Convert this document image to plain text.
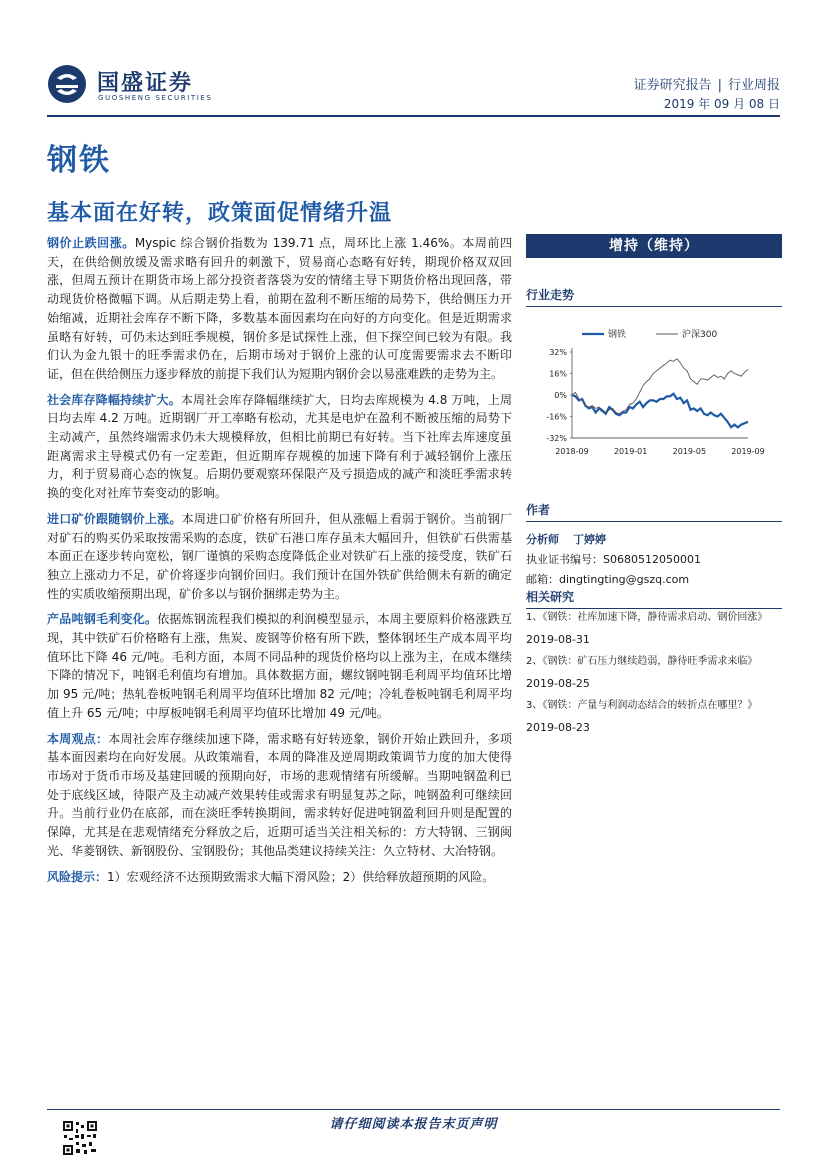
国盛证券
GUOSHENG SECURITIES
证券研究报告 | 行业周报
2019 年 09 月 08 日
钢铁
基本面在好转，政策面促情绪升温

钢价止跌回涨。Myspic 综合钢价指数为 139.71 点，周环比上涨 1.46%。本周前四天，在供给侧放缓及需求略有回升的刺激下，贸易商心态略有好转，期现价格双双回涨，但周五预计在期货市场上部分投资者落袋为安的情绪主导下期货价格出现回落，带动现货价格微幅下调。从后期走势上看，前期在盈利不断压缩的局势下，供给侧压力开始缩减，近期社会库存不断下降，多数基本面因素均在向好的方向变化。但是近期需求虽略有好转，可仍未达到旺季规模，钢价多是试探性上涨，但下探空间已较为有限。我们认为金九银十的旺季需求仍在，后期市场对于钢价上涨的认可度需要需求去不断印证，但在供给侧压力逐步释放的前提下我们认为短期内钢价会以易涨难跌的走势为主。

社会库存降幅持续扩大。本周社会库存降幅继续扩大，日均去库规模为 4.8 万吨，上周日均去库 4.2 万吨。近期钢厂开工率略有松动，尤其是电炉在盈利不断被压缩的局势下主动减产，虽然终端需求仍未大规模释放，但相比前期已有好转。当下社库去库速度虽距离需求主导模式仍有一定差距，但近期库存规模的加速下降有利于减轻钢价上涨压力，利于贸易商心态的恢复。后期仍要观察环保限产及亏损造成的减产和淡旺季需求转换的变化对社库节奏变动的影响。

进口矿价跟随钢价上涨。本周进口矿价格有所回升，但从涨幅上看弱于钢价。当前钢厂对矿石的购买仍采取按需采购的态度，铁矿石港口库存虽未大幅回升，但铁矿石供需基本面正在逐步转向宽松，钢厂谨慎的采购态度降低企业对铁矿石上涨的接受度，铁矿石独立上涨动力不足，矿价将逐步向钢价回归。我们预计在国外铁矿供给侧未有新的确定性的实质收缩预期出现，矿价多以与钢价捆绑走势为主。

产品吨钢毛利变化。依据炼钢流程我们模拟的利润模型显示，本周主要原料价格涨跌互现，其中铁矿石价格略有上涨，焦炭、废钢等价格有所下跌，整体钢坯生产成本周平均值环比下降 46 元/吨。毛利方面，本周不同品种的现货价格均以上涨为主，在成本继续下降的情况下，吨钢毛利值均有增加。具体数据方面，螺纹钢吨钢毛利周平均值环比增加 95 元/吨；热轧卷板吨钢毛利周平均值环比增加 82 元/吨；冷轧卷板吨钢毛利周平均值上升 65 元/吨；中厚板吨钢毛利周平均值环比增加 49 元/吨。

本周观点：本周社会库存继续加速下降，需求略有好转迹象，钢价开始止跌回升，多项基本面因素均在向好发展。从政策端看，本周的降准及逆周期政策调节力度的加大使得市场对于货币市场及基建回暖的预期向好，市场的悲观情绪有所缓解。当期吨钢盈利已处于底线区域，待限产及主动减产效果转佳或需求有明显复苏之际，吨钢盈利可继续回升。当前行业仍在底部，而在淡旺季转换期间，需求转好促进吨钢盈利回升则是配置的保障，尤其是在悲观情绪充分释放之后，近期可适当关注相关标的：方大特钢、三钢闽光、华菱钢铁、新钢股份、宝钢股份；其他品类建议持续关注：久立特材、大冶特钢。

风险提示：1）宏观经济不达预期致需求大幅下滑风险；2）供给释放超预期的风险。

增持（维持）
行业走势
32%
16%
0%
-16%
-32%
2018-09	2019-01	2019-05	2019-09
钢铁	沪深300
作者
分析师 丁婷婷
执业证书编号：S0680512050001
邮箱：dingtingting@gszq.com
相关研究
1、《钢铁：社库加速下降，静待需求启动、钢价回涨》
2019-08-31
2、《钢铁：矿石压力继续趋弱，静待旺季需求来临》
2019-08-25
3、《钢铁：产量与利润动态结合的转折点在哪里？》
2019-08-23
请仔细阅读本报告末页声明
